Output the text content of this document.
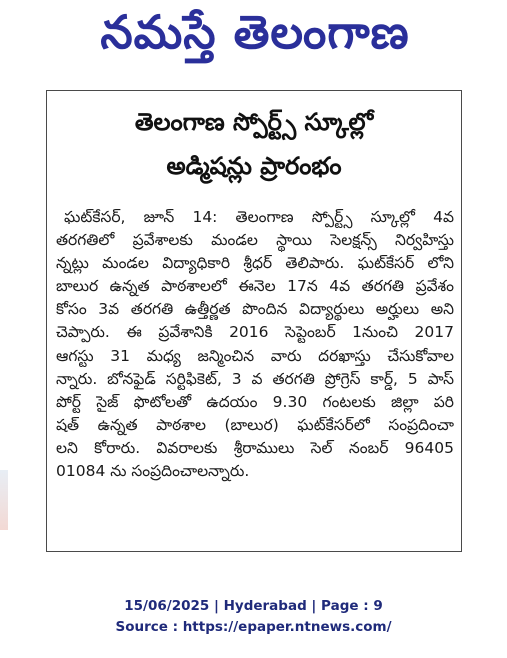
నమస్తే తెలంగాణ
తెలంగాణ స్పోర్ట్స్ స్కూల్లో
అడ్మిషన్లు ప్రారంభం
ఘట్‌కేసర్, జూన్ 14: తెలంగాణ స్పోర్ట్స్ స్కూల్లో 4వ
తరగతిలో ప్రవేశాలకు మండల స్థాయి సెలక్షన్స్ నిర్వహిస్తు
న్నట్లు మండల విద్యాధికారి శ్రీధర్ తెలిపారు. ఘట్‌కేసర్ లోని
బాలుర ఉన్నత పాఠశాలలో ఈనెల 17న 4వ తరగతి ప్రవేశం
కోసం 3వ తరగతి ఉత్తీర్ణత పొందిన విద్యార్థులు అర్హులు అని
చెప్పారు. ఈ ప్రవేశానికి 2016 సెప్టెంబర్ 1నుంచి 2017
ఆగస్టు 31 మధ్య జన్మించిన వారు దరఖాస్తు చేసుకోవాల
న్నారు. బోనఫైడ్ సర్టిఫికెట్, 3 వ తరగతి ప్రోగ్రెస్ కార్డ్, 5 పాస్
పోర్ట్ సైజ్ ఫొటోలతో ఉదయం 9.30 గంటలకు జిల్లా పరి
షత్ ఉన్నత పాఠశాల (బాలుర) ఘట్‌కేసర్‌లో సంప్రదించా
లని కోరారు. వివరాలకు శ్రీరాములు సెల్ నంబర్ 96405
01084 ను సంప్రదించాలన్నారు.
15/06/2025 | Hyderabad | Page : 9
Source : https://epaper.ntnews.com/
